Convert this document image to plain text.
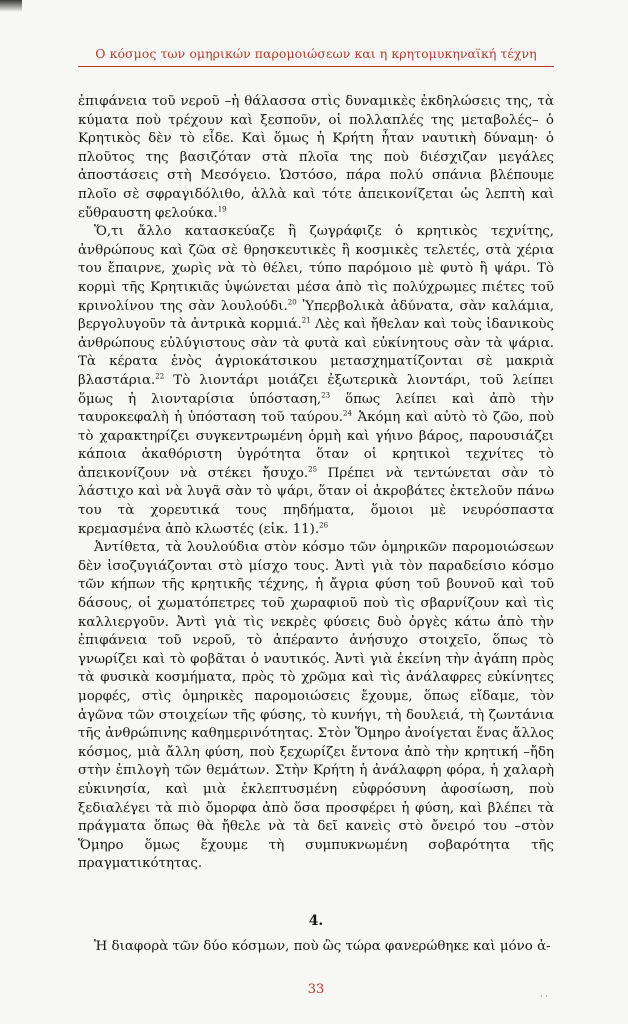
Ο κόσμος των ομηρικών παρομοιώσεων και η κρητομυκηναϊκή τέχνη

ἐπιφάνεια τοῦ νεροῦ –ἡ θάλασσα στὶς δυναμικὲς ἐκδηλώσεις της, τὰ κύματα ποὺ τρέχουν καὶ ξεσποῦν, οἱ πολλαπλές της μεταβολές– ὁ Κρητικὸς δὲν τὸ εἶδε. Καὶ ὅμως ἡ Κρήτη ἦταν ναυτικὴ δύναμη· ὁ πλοῦτος της βασιζόταν στὰ πλοῖα της ποὺ διέσχιζαν μεγάλες ἀποστάσεις στὴ Μεσόγειο. Ὡστόσο, πάρα πολύ σπάνια βλέπουμε πλοῖο σὲ σφραγιδόλιθο, ἀλλὰ καὶ τότε ἀπεικονίζεται ὡς λεπτὴ καὶ εὔθραυστη φελούκα.$^{19}$

Ὅ,τι ἄλλο κατασκεύαζε ἢ ζωγράφιζε ὁ κρητικὸς τεχνίτης, ἀνθρώπους καὶ ζῶα σὲ θρησκευτικὲς ἢ κοσμικὲς τελετές, στὰ χέρια του ἔπαιρνε, χωρὶς νὰ τὸ θέλει, τύπο παρόμοιο μὲ φυτὸ ἢ ψάρι. Τὸ κορμὶ τῆς Κρητικιᾶς ὑψώνεται μέσα ἀπὸ τὶς πολύχρωμες πιέτες τοῦ κρινολίνου της σὰν λουλούδι.$^{20}$ Ὑπερβολικὰ ἀδύνατα, σὰν καλάμια, βεργολυγοῦν τὰ ἀντρικὰ κορμιά.$^{21}$ Λὲς καὶ ἤθελαν καὶ τοὺς ἰδανικοὺς ἀνθρώπους εὐλύγιστους σὰν τὰ φυτὰ καὶ εὐκίνητους σὰν τὰ ψάρια. Τὰ κέρατα ἑνὸς ἀγριοκάτσικου μετασχηματίζονται σὲ μακριὰ βλαστάρια.$^{22}$ Τὸ λιοντάρι μοιάζει ἐξωτερικὰ λιοντάρι, τοῦ λείπει ὅμως ἡ λιονταρίσια ὑπόσταση,$^{23}$ ὅπως λείπει καὶ ἀπὸ τὴν ταυροκεφαλὴ ἡ ὑπόσταση τοῦ ταύρου.$^{24}$ Ἀκόμη καὶ αὐτὸ τὸ ζῶο, ποὺ τὸ χαρακτηρίζει συγκεντρωμένη ὁρμὴ καὶ γήινο βάρος, παρουσιάζει κάποια ἀκαθόριστη ὑγρότητα ὅταν οἱ κρητικοὶ τεχνίτες τὸ ἀπεικονίζουν νὰ στέκει ἤσυχο.$^{25}$ Πρέπει νὰ τεντώνεται σὰν τὸ λάστιχο καὶ νὰ λυγᾶ σὰν τὸ ψάρι, ὅταν οἱ ἀκροβάτες ἐκτελοῦν πάνω του τὰ χορευτικά τους πηδήματα, ὅμοιοι μὲ νευρόσπαστα κρεμασμένα ἀπὸ κλωστές (εἰκ. 11).$^{26}$

Ἀντίθετα, τὰ λουλούδια στὸν κόσμο τῶν ὁμηρικῶν παρομοιώσεων δὲν ἰσοζυγιάζονται στὸ μίσχο τους. Ἀντὶ γιὰ τὸν παραδείσιο κόσμο τῶν κήπων τῆς κρητικῆς τέχνης, ἡ ἄγρια φύση τοῦ βουνοῦ καὶ τοῦ δάσους, οἱ χωματόπετρες τοῦ χωραφιοῦ ποὺ τὶς σβαρνίζουν καὶ τὶς καλλιεργοῦν. Ἀντὶ γιὰ τὶς νεκρὲς φύσεις δυὸ ὀργὲς κάτω ἀπὸ τὴν ἐπιφάνεια τοῦ νεροῦ, τὸ ἀπέραντο ἀνήσυχο στοιχεῖο, ὅπως τὸ γνωρίζει καὶ τὸ φοβᾶται ὁ ναυτικός. Ἀντὶ γιὰ ἐκείνη τὴν ἀγάπη πρὸς τὰ φυσικὰ κοσμήματα, πρὸς τὸ χρῶμα καὶ τὶς ἀνάλαφρες εὐκίνητες μορφές, στὶς ὁμηρικὲς παρομοιώσεις ἔχουμε, ὅπως εἴδαμε, τὸν ἀγῶνα τῶν στοιχείων τῆς φύσης, τὸ κυνήγι, τὴ δουλειά, τὴ ζωντάνια τῆς ἀνθρώπινης καθημερινότητας. Στὸν Ὅμηρο ἀνοίγεται ἕνας ἄλλος κόσμος, μιὰ ἄλλη φύση, ποὺ ξεχωρίζει ἔντονα ἀπὸ τὴν κρητική –ἤδη στὴν ἐπιλογὴ τῶν θεμάτων. Στὴν Κρήτη ἡ ἀνάλαφρη φόρα, ἡ χαλαρὴ εὐκινησία, καὶ μιὰ ἐκλεπτυσμένη εὐφρόσυνη ἀφοσίωση, ποὺ ξεδιαλέγει τὰ πιὸ ὄμορφα ἀπὸ ὅσα προσφέρει ἡ φύση, καὶ βλέπει τὰ πράγματα ὅπως θὰ ἤθελε νὰ τὰ δεῖ κανεὶς στὸ ὄνειρό του –στὸν Ὅμηρο ὅμως ἔχουμε τὴ συμπυκνωμένη σοβαρότητα τῆς πραγματικότητας.

4.
Ἡ διαφορὰ τῶν δύο κόσμων, ποὺ ὣς τώρα φανερώθηκε καὶ μόνο ἀ-
33	· ·
